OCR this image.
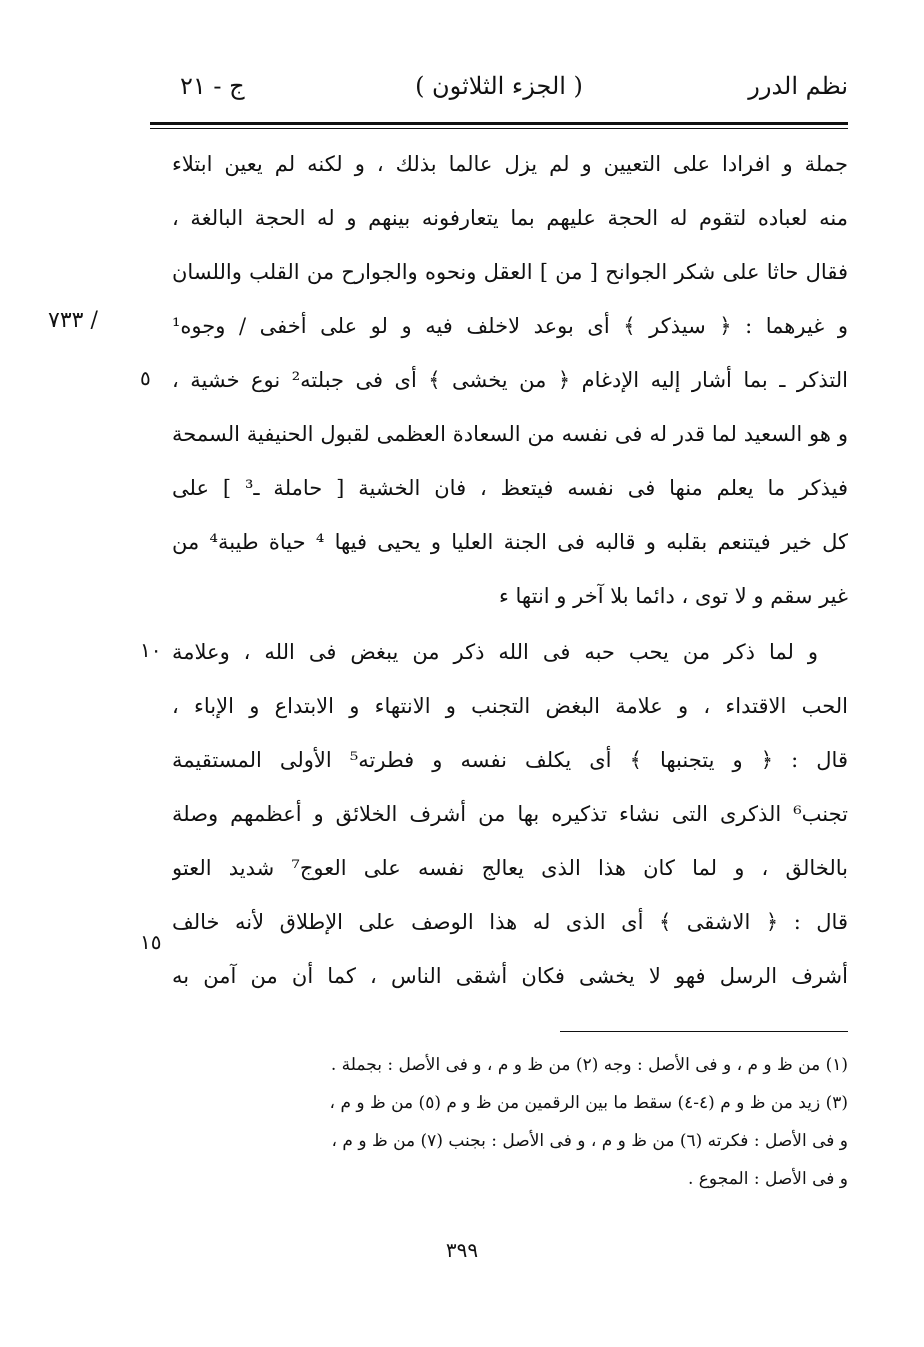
نظم الدرر
( الجزء الثلاثون )
ج - ٢١
/ ٧٣٣
٥
١٠
١٥
جملة و افرادا على التعيين و لم يزل عالما بذلك ، و لكنه لم يعين ابتلاء
منه لعباده لتقوم له الحجة عليهم بما يتعارفونه بينهم و له الحجة البالغة ،
فقال حاثا على شكر الجوانح [ من ] العقل ونحوه والجوارح من القلب واللسان
و غيرهما : ﴿ سيذكر ﴾ أى بوعد لاخلف فيه و لو على أخفى / وجوه¹
التذكر ـ بما أشار إليه الإدغام ﴿ من يخشى ﴾ أى فى جبلته² نوع خشية ،
و هو السعيد لما قدر له فى نفسه من السعادة العظمى لقبول الحنيفية السمحة
فيذكر ما يعلم منها فى نفسه فيتعظ ، فان الخشية [ حاملة ـ³ ] على
كل خير فيتنعم بقلبه و قالبه فى الجنة العليا و يحيى فيها ⁴ حياة طيبة⁴ من
غير سقم و لا توى ، دائما بلا آخر و انتها ء
و لما ذكر من يحب حبه فى الله ذكر من يبغض فى الله ، وعلامة
الحب الاقتداء ، و علامة البغض التجنب و الانتهاء و الابتداع و الإباء ،
قال : ﴿ و يتجنبها ﴾ أى يكلف نفسه و فطرته⁵ الأولى المستقيمة
تجنب⁶ الذكرى التى نشاء تذكيره بها من أشرف الخلائق و أعظمهم وصلة
بالخالق ، و لما كان هذا الذى يعالج نفسه على العوج⁷ شديد العتو
قال : ﴿ الاشقى ﴾ أى الذى له هذا الوصف على الإطلاق لأنه خالف
أشرف الرسل فهو لا يخشى فكان أشقى الناس ، كما أن من آمن به
(١) من ظ و م ، و فى الأصل : وجه (٢) من ظ و م ، و فى الأصل : بجملة .
(٣) زيد من ظ و م (٤-٤) سقط ما بين الرقمين من ظ و م (٥) من ظ و م ،
و فى الأصل : فكرته (٦) من ظ و م ، و فى الأصل : بجنب (٧) من ظ و م ،
و فى الأصل : المجوع .
٣٩٩
